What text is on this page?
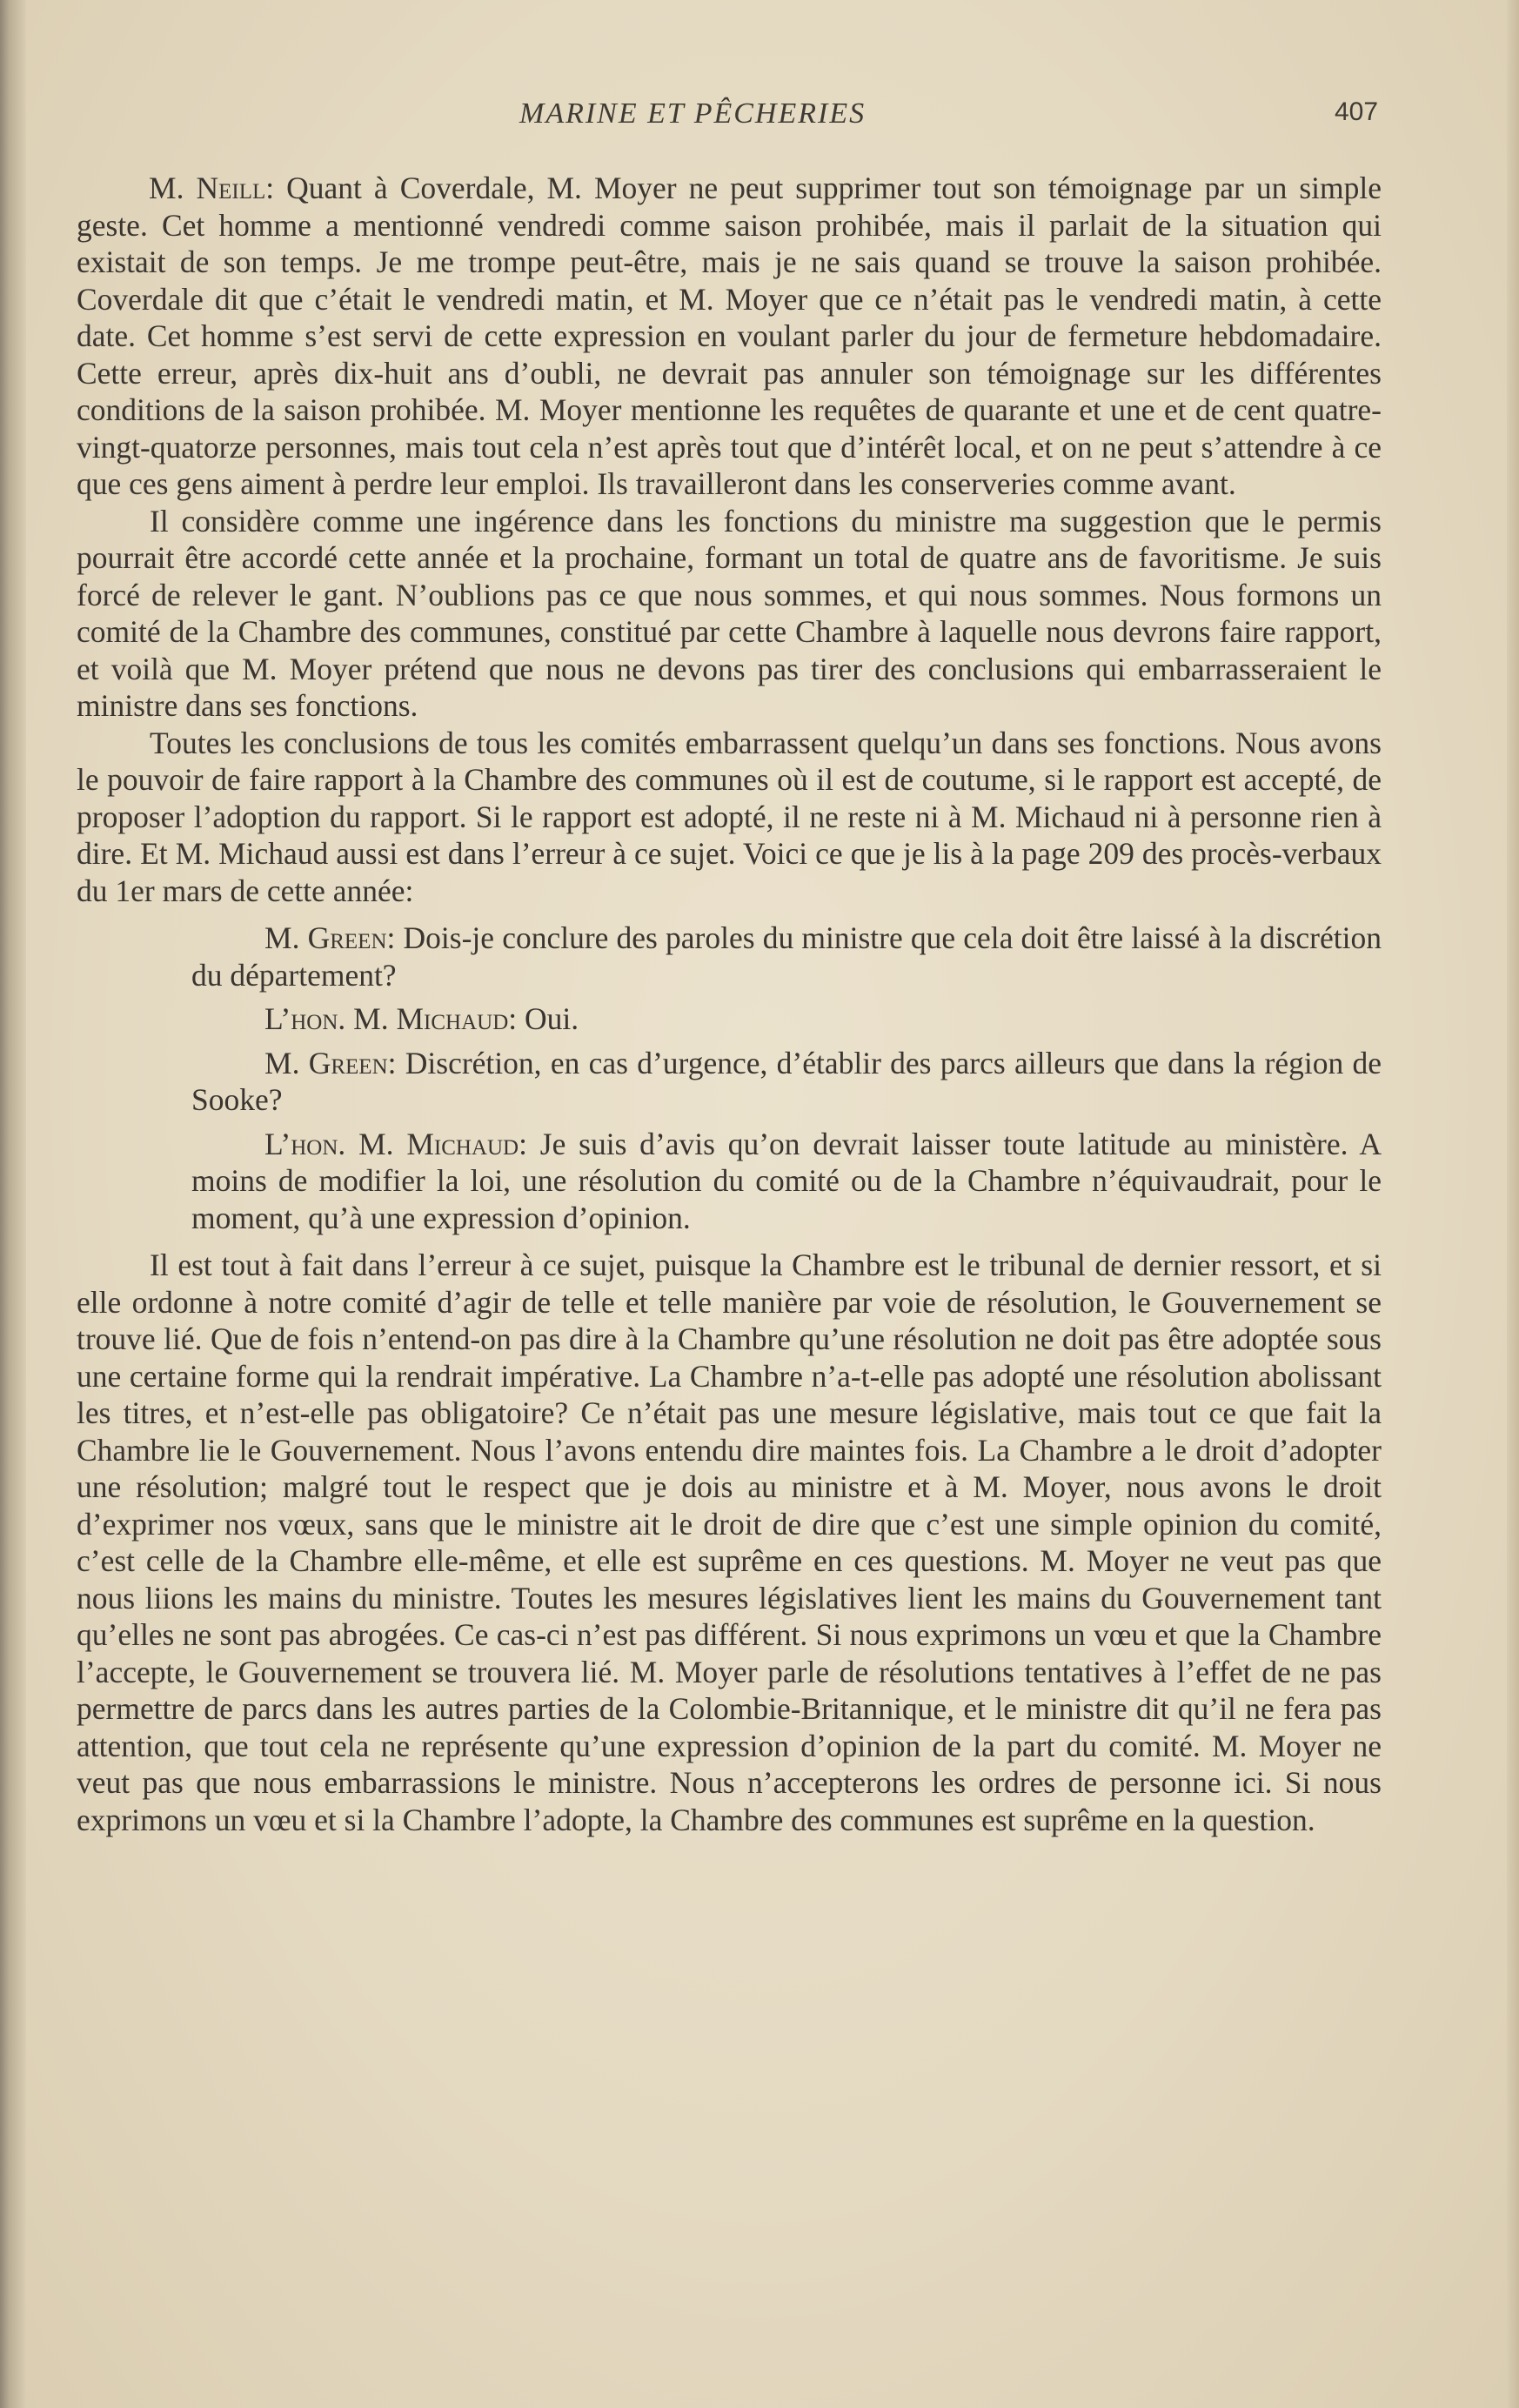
MARINE ET PÊCHERIES	407

M. Neill: Quant à Coverdale, M. Moyer ne peut supprimer tout son témoignage par un simple geste. Cet homme a mentionné vendredi comme saison prohibée, mais il parlait de la situation qui existait de son temps. Je me trompe peut-être, mais je ne sais quand se trouve la saison prohibée. Coverdale dit que c’était le vendredi matin, et M. Moyer que ce n’était pas le vendredi matin, à cette date. Cet homme s’est servi de cette expression en voulant parler du jour de fermeture hebdomadaire. Cette erreur, après dix-huit ans d’oubli, ne devrait pas annuler son témoignage sur les différentes conditions de la saison prohibée. M. Moyer mentionne les requêtes de quarante et une et de cent quatre-vingt-quatorze personnes, mais tout cela n’est après tout que d’intérêt local, et on ne peut s’attendre à ce que ces gens aiment à perdre leur emploi. Ils travailleront dans les conserveries comme avant.

Il considère comme une ingérence dans les fonctions du ministre ma suggestion que le permis pourrait être accordé cette année et la prochaine, formant un total de quatre ans de favoritisme. Je suis forcé de relever le gant. N’oublions pas ce que nous sommes, et qui nous sommes. Nous formons un comité de la Chambre des communes, constitué par cette Chambre à laquelle nous devrons faire rapport, et voilà que M. Moyer prétend que nous ne devons pas tirer des conclusions qui embarrasseraient le ministre dans ses fonctions.

Toutes les conclusions de tous les comités embarrassent quelqu’un dans ses fonctions. Nous avons le pouvoir de faire rapport à la Chambre des communes où il est de coutume, si le rapport est accepté, de proposer l’adoption du rapport. Si le rapport est adopté, il ne reste ni à M. Michaud ni à personne rien à dire. Et M. Michaud aussi est dans l’erreur à ce sujet. Voici ce que je lis à la page 209 des procès-verbaux du 1er mars de cette année:

M. Green: Dois-je conclure des paroles du ministre que cela doit être laissé à la discrétion du département?

L’hon. M. Michaud: Oui.

M. Green: Discrétion, en cas d’urgence, d’établir des parcs ailleurs que dans la région de Sooke?

L’hon. M. Michaud: Je suis d’avis qu’on devrait laisser toute latitude au ministère. A moins de modifier la loi, une résolution du comité ou de la Chambre n’équivaudrait, pour le moment, qu’à une expression d’opinion.

Il est tout à fait dans l’erreur à ce sujet, puisque la Chambre est le tribunal de dernier ressort, et si elle ordonne à notre comité d’agir de telle et telle manière par voie de résolution, le Gouvernement se trouve lié. Que de fois n’entend-on pas dire à la Chambre qu’une résolution ne doit pas être adoptée sous une certaine forme qui la rendrait impérative. La Chambre n’a-t-elle pas adopté une résolution abolissant les titres, et n’est-elle pas obligatoire? Ce n’était pas une mesure législative, mais tout ce que fait la Chambre lie le Gouvernement. Nous l’avons entendu dire maintes fois. La Chambre a le droit d’adopter une résolution; malgré tout le respect que je dois au ministre et à M. Moyer, nous avons le droit d’exprimer nos vœux, sans que le ministre ait le droit de dire que c’est une simple opinion du comité, c’est celle de la Chambre elle-même, et elle est suprême en ces questions. M. Moyer ne veut pas que nous liions les mains du ministre. Toutes les mesures législatives lient les mains du Gouvernement tant qu’elles ne sont pas abrogées. Ce cas-ci n’est pas différent. Si nous exprimons un vœu et que la Chambre l’accepte, le Gouvernement se trouvera lié. M. Moyer parle de résolutions tentatives à l’effet de ne pas permettre de parcs dans les autres parties de la Colombie-Britannique, et le ministre dit qu’il ne fera pas attention, que tout cela ne représente qu’une expression d’opinion de la part du comité. M. Moyer ne veut pas que nous embarrassions le ministre. Nous n’accepterons les ordres de personne ici. Si nous exprimons un vœu et si la Chambre l’adopte, la Chambre des communes est suprême en la question.
